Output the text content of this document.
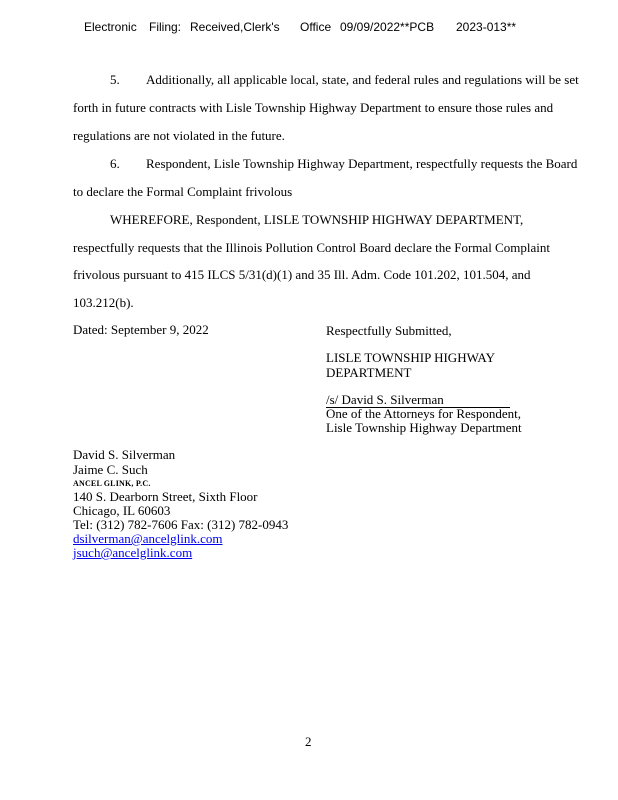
Electronic Filing: Received,Clerk's Office 09/09/2022**PCB 2023-013**
5. Additionally, all applicable local, state, and federal rules and regulations will be set
forth in future contracts with Lisle Township Highway Department to ensure those rules and
regulations are not violated in the future.
6. Respondent, Lisle Township Highway Department, respectfully requests the Board
to declare the Formal Complaint frivolous
WHEREFORE, Respondent, LISLE TOWNSHIP HIGHWAY DEPARTMENT,
respectfully requests that the Illinois Pollution Control Board declare the Formal Complaint
frivolous pursuant to 415 ILCS 5/31(d)(1) and 35 Ill. Adm. Code 101.202, 101.504, and
103.212(b).
Dated: September 9, 2022	Respectfully Submitted,
LISLE TOWNSHIP HIGHWAY
DEPARTMENT
/s/ David S. Silverman
One of the Attorneys for Respondent,
Lisle Township Highway Department
David S. Silverman
Jaime C. Such
ANCEL GLINK, P.C.
140 S. Dearborn Street, Sixth Floor
Chicago, IL 60603
Tel: (312) 782-7606 Fax: (312) 782-0943
dsilverman@ancelglink.com
jsuch@ancelglink.com
2
